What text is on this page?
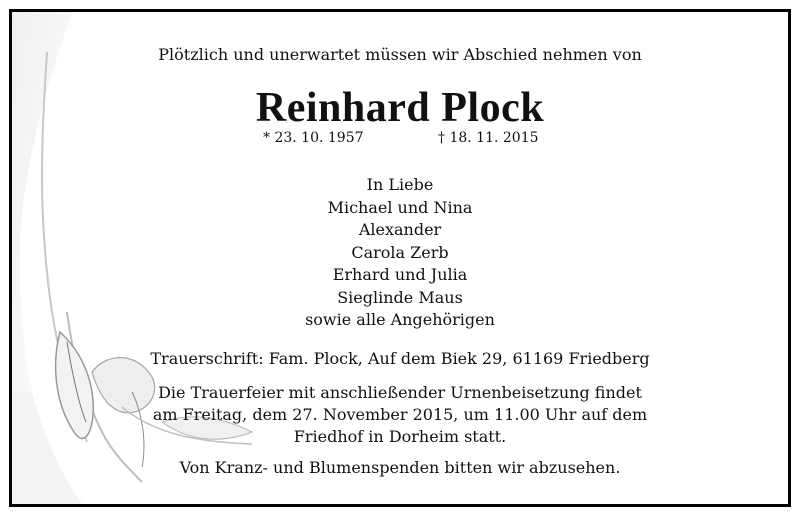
Plötzlich und unerwartet müssen wir Abschied nehmen von
Reinhard Plock
* 23. 10. 1957	† 18. 11. 2015
In Liebe
Michael und Nina
Alexander
Carola Zerb
Erhard und Julia
Sieglinde Maus
sowie alle Angehörigen
Trauerschrift: Fam. Plock, Auf dem Biek 29, 61169 Friedberg
Die Trauerfeier mit anschließender Urnenbeisetzung findet
am Freitag, dem 27. November 2015, um 11.00 Uhr auf dem
Friedhof in Dorheim statt.
Von Kranz- und Blumenspenden bitten wir abzusehen.
